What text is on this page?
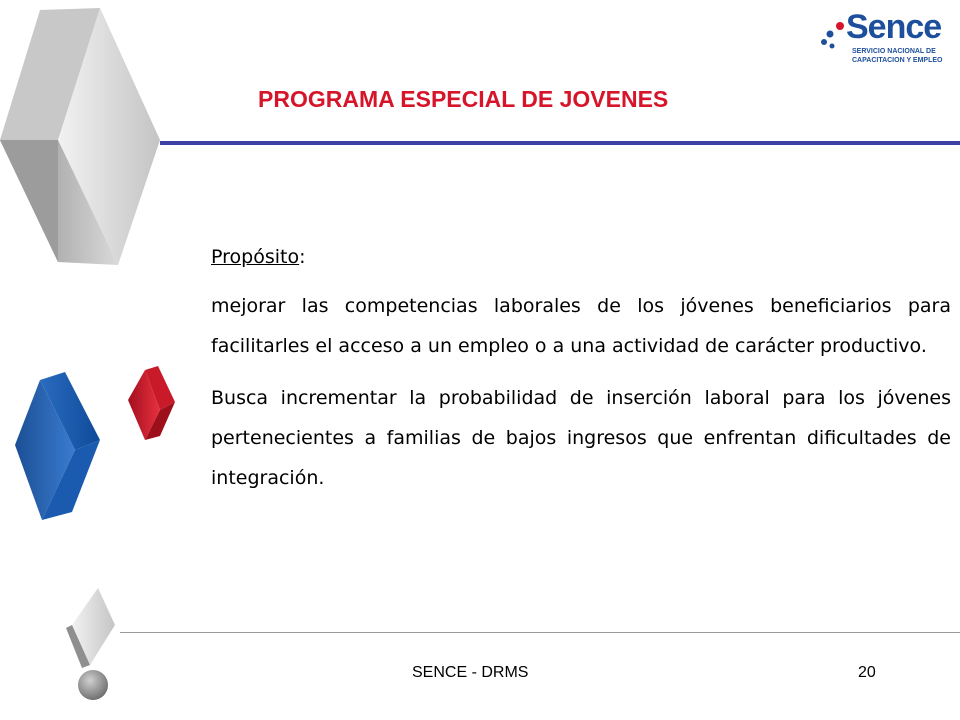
Sence
SERVICIO NACIONAL DE
CAPACITACION Y EMPLEO
PROGRAMA ESPECIAL DE JOVENES

Propósito:

mejorar las competencias laborales de los jóvenes beneficiarios para facilitarles el acceso a un empleo o a una actividad de carácter productivo.

Busca incrementar la probabilidad de inserción laboral para los jóvenes pertenecientes a familias de bajos ingresos que enfrentan dificultades de integración.

SENCE - DRMS	20
